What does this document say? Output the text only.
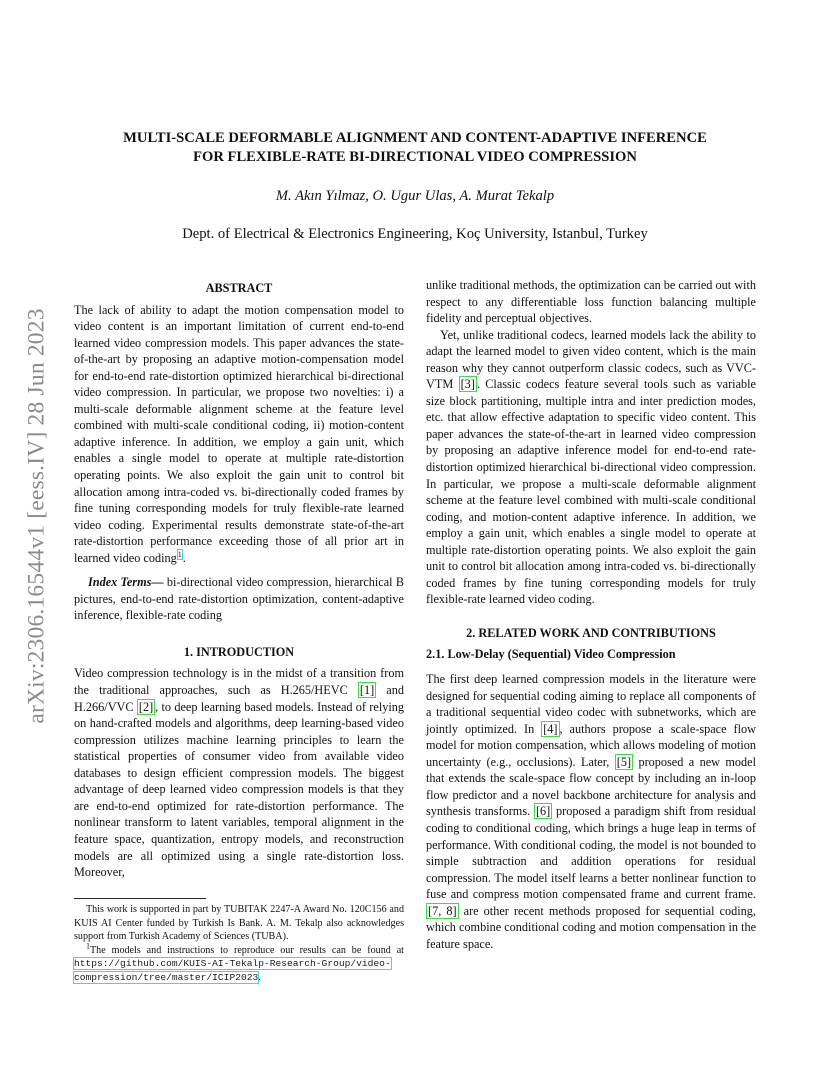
arXiv:2306.16544v1 [eess.IV] 28 Jun 2023
MULTI-SCALE DEFORMABLE ALIGNMENT AND CONTENT-ADAPTIVE INFERENCE
FOR FLEXIBLE-RATE BI-DIRECTIONAL VIDEO COMPRESSION
M. Akın Yılmaz, O. Ugur Ulas, A. Murat Tekalp
Dept. of Electrical & Electronics Engineering, Koç University, Istanbul, Turkey
ABSTRACT

The lack of ability to adapt the motion compensation model to video content is an important limitation of current end-to-end learned video compression models. This paper advances the state-of-the-art by proposing an adaptive motion-compensation model for end-to-end rate-distortion optimized hierarchical bi-directional video compression. In particular, we propose two novelties: i) a multi-scale deformable alignment scheme at the feature level combined with multi-scale conditional coding, ii) motion-content adaptive inference. In addition, we employ a gain unit, which enables a single model to operate at multiple rate-distortion operating points. We also exploit the gain unit to control bit allocation among intra-coded vs. bi-directionally coded frames by fine tuning corresponding models for truly flexible-rate learned video coding. Experimental results demonstrate state-of-the-art rate-distortion performance exceeding those of all prior art in learned video coding$^1$.

Index Terms— bi-directional video compression, hierarchical B pictures, end-to-end rate-distortion optimization, content-adaptive inference, flexible-rate coding

1. INTRODUCTION

Video compression technology is in the midst of a transition from the traditional approaches, such as H.265/HEVC [1] and H.266/VVC [2] , to deep learning based models. Instead of relying on hand-crafted models and algorithms, deep learning-based video compression utilizes machine learning principles to learn the statistical properties of consumer video from available video databases to design efficient compression models. The biggest advantage of deep learned video compression models is that they are end-to-end optimized for rate-distortion performance. The nonlinear transform to latent variables, temporal alignment in the feature space, quantization, entropy models, and reconstruction models are all optimized using a single rate-distortion loss. Moreover,

This work is supported in part by TUBITAK 2247-A Award No. 120C156 and KUIS AI Center funded by Turkish Is Bank. A. M. Tekalp also acknowledges support from Turkish Academy of Sciences (TUBA).

$^1$The models and instructions to reproduce our results can be found at https://github.com/KUIS-AI-Tekalp-Research-Group/video-compression/tree/master/ICIP2023.

unlike traditional methods, the optimization can be carried out with respect to any differentiable loss function balancing multiple fidelity and perceptual objectives.

Yet, unlike traditional codecs, learned models lack the ability to adapt the learned model to given video content, which is the main reason why they cannot outperform classic codecs, such as VVC-VTM [3] . Classic codecs feature several tools such as variable size block partitioning, multiple intra and inter prediction modes, etc. that allow effective adaptation to specific video content. This paper advances the state-of-the-art in learned video compression by proposing an adaptive inference model for end-to-end rate-distortion optimized hierarchical bi-directional video compression. In particular, we propose a multi-scale deformable alignment scheme at the feature level combined with multi-scale conditional coding, and motion-content adaptive inference. In addition, we employ a gain unit, which enables a single model to operate at multiple rate-distortion operating points. We also exploit the gain unit to control bit allocation among intra-coded vs. bi-directionally coded frames by fine tuning corresponding models for truly flexible-rate learned video coding.

2. RELATED WORK AND CONTRIBUTIONS
2.1. Low-Delay (Sequential) Video Compression

The first deep learned compression models in the literature were designed for sequential coding aiming to replace all components of a traditional sequential video codec with subnetworks, which are jointly optimized. In [4] , authors propose a scale-space flow model for motion compensation, which allows modeling of motion uncertainty (e.g., occlusions). Later, [5] proposed a new model that extends the scale-space flow concept by including an in-loop flow predictor and a novel backbone architecture for analysis and synthesis transforms. [6] proposed a paradigm shift from residual coding to conditional coding, which brings a huge leap in terms of performance. With conditional coding, the model is not bounded to simple subtraction and addition operations for residual compression. The model itself learns a better nonlinear function to fuse and compress motion compensated frame and current frame. [7, 8] are other recent methods proposed for sequential coding, which combine conditional coding and motion compensation in the feature space.
